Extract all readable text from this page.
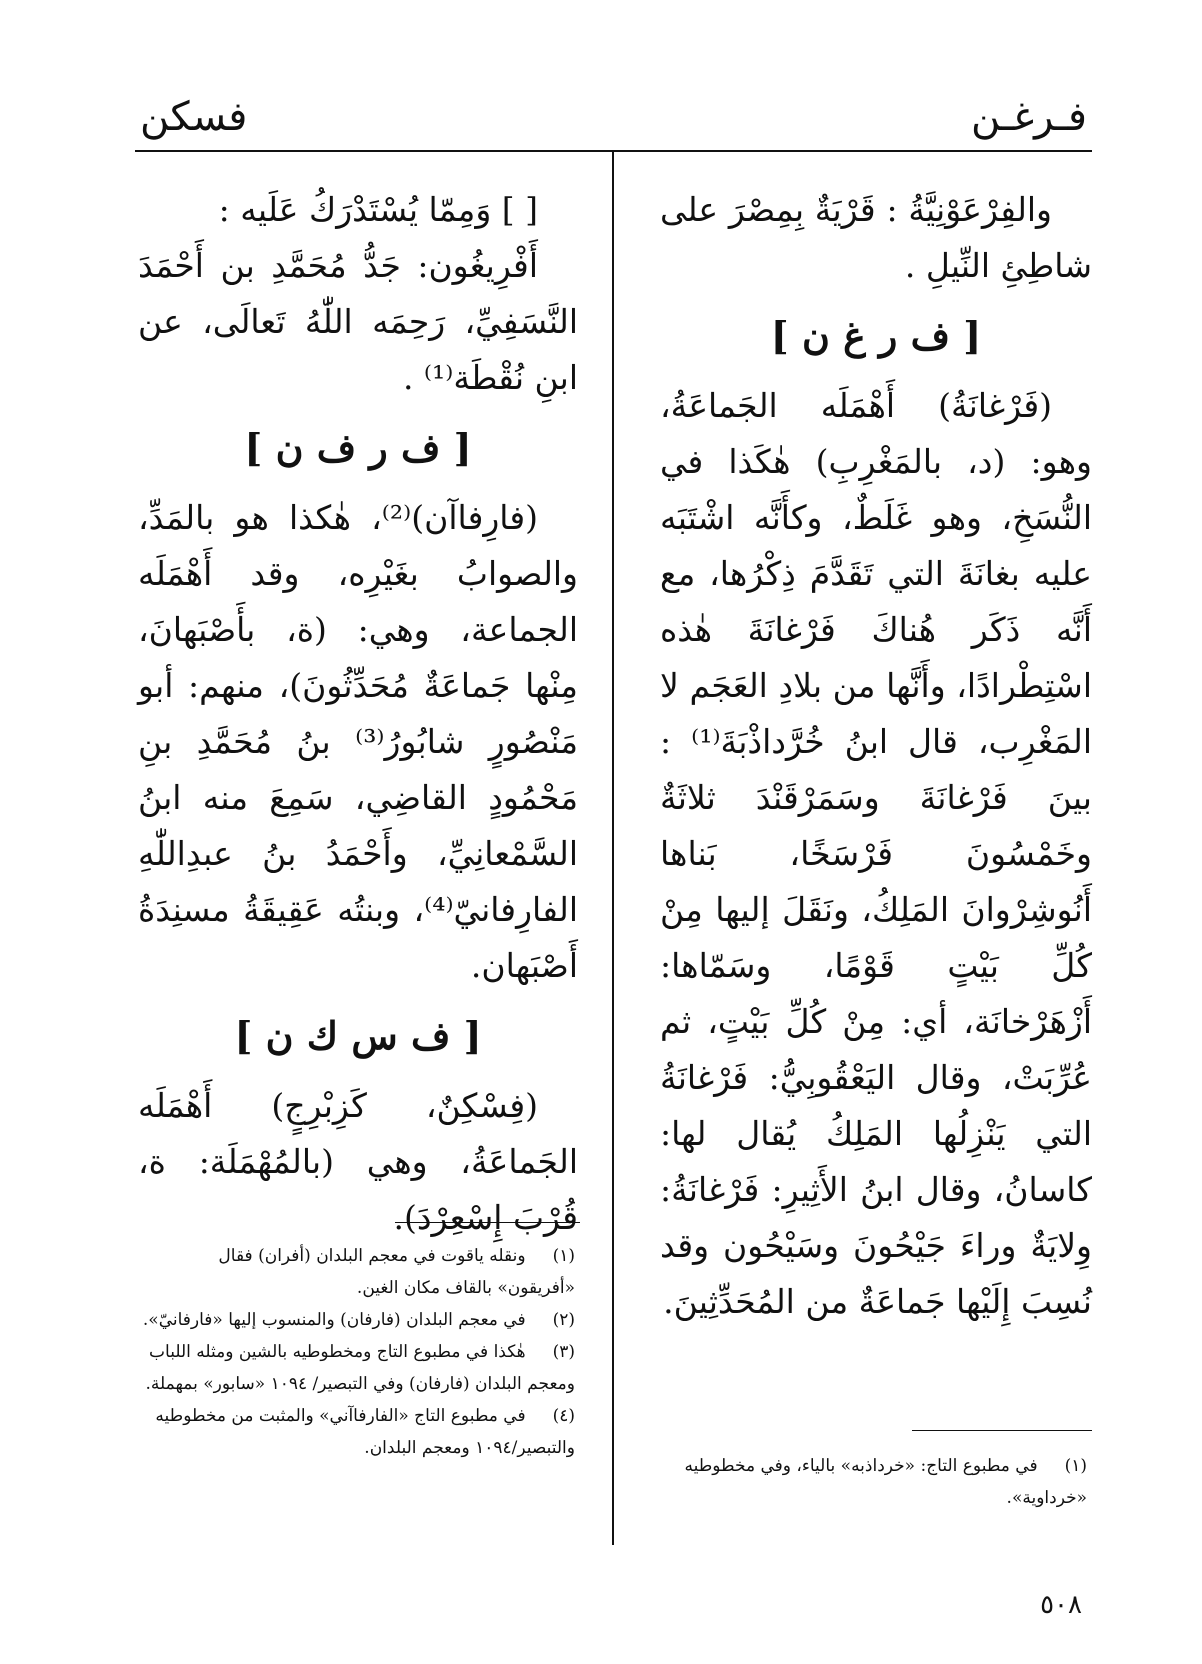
فـرغـن
فسكن

والفِرْعَوْنِيَّةُ : قَرْيَةٌ بِمِصْرَ على شاطِئِ النِّيلِ .

[ ف ر غ ن ]

(فَرْغانَةُ) أَهْمَلَه الجَماعَةُ، وهو: (د، بالمَغْرِبِ) هٰكَذا في النُّسَخِ، وهو غَلَطٌ، وكأَنَّه اشْتَبَه عليه بغانَةَ التي تَقَدَّمَ ذِكْرُها، مع أَنَّه ذَكَر هُناكَ فَرْغانَةَ هٰذه اسْتِطْرادًا، وأَنَّها من بلادِ العَجَم لا المَغْرِب، قال ابنُ خُرَّداذْبَةَ⁽¹⁾ : بينَ فَرْغانَةَ وسَمَرْقَنْدَ ثلاثَةٌ وخَمْسُونَ فَرْسَخًا، بَناها أَنُوشِرْوانَ المَلِكُ، ونَقَلَ إليها مِنْ كُلِّ بَيْتٍ قَوْمًا، وسَمّاها: أَزْهَرْخانَة، أي: مِنْ كُلِّ بَيْتٍ، ثم عُرِّبَتْ، وقال اليَعْقُوبِيُّ: فَرْغانَةُ التي يَنْزِلُها المَلِكُ يُقال لها: كاسانُ، وقال ابنُ الأَثِيرِ: فَرْغانَةُ: وِلايَةٌ وراءَ جَيْحُونَ وسَيْحُون وقد نُسِبَ إِلَيْها جَماعَةٌ من المُحَدِّثِينَ.

[ ] وَمِمّا يُسْتَدْرَكُ عَلَيه :

أَفْرِيغُون: جَدُّ مُحَمَّدِ بن أَحْمَدَ النَّسَفِيِّ، رَحِمَه اللّٰهُ تَعالَى، عن ابنِ نُقْطَة⁽¹⁾ .

[ ف ر ف ن ]

(فارِفاآن)⁽²⁾، هٰكذا هو بالمَدِّ، والصوابُ بغَيْرِه، وقد أَهْمَلَه الجماعة، وهي: (ة، بأَصْبَهانَ، مِنْها جَماعَةٌ مُحَدِّثُونَ)، منهم: أبو مَنْصُورٍ شابُورُ⁽³⁾ بنُ مُحَمَّدِ بنِ مَحْمُودٍ القاضِي، سَمِعَ منه ابنُ السَّمْعانِيِّ، وأَحْمَدُ بنُ عبدِاللّٰهِ الفارِفانيّ⁽⁴⁾، وبنتُه عَقِيقَةُ مسنِدَةُ أَصْبَهان.

[ ف س ك ن ]

(فِسْكِنٌ، كَزِبْرِجٍ) أَهْمَلَه الجَماعَةُ، وهي (بالمُهْمَلَة: ة، قُرْبَ إِسْعِرْدَ).

(١) في مطبوع التاج: «خرداذبه» بالياء، وفي مخطوطيه «خرداوية».

(١) ونقله ياقوت في معجم البلدان (أفران) فقال «أفريقون» بالقاف مكان الغين.

(٢) في معجم البلدان (فارفان) والمنسوب إليها «فارفانيّ».

(٣) هٰكذا في مطبوع التاج ومخطوطيه بالشين ومثله اللباب ومعجم البلدان (فارفان) وفي التبصير/ ١٠٩٤ «سابور» بمهملة.

(٤) في مطبوع التاج «الفارفاآني» والمثبت من مخطوطيه والتبصير/١٠٩٤ ومعجم البلدان.

٥٠٨
